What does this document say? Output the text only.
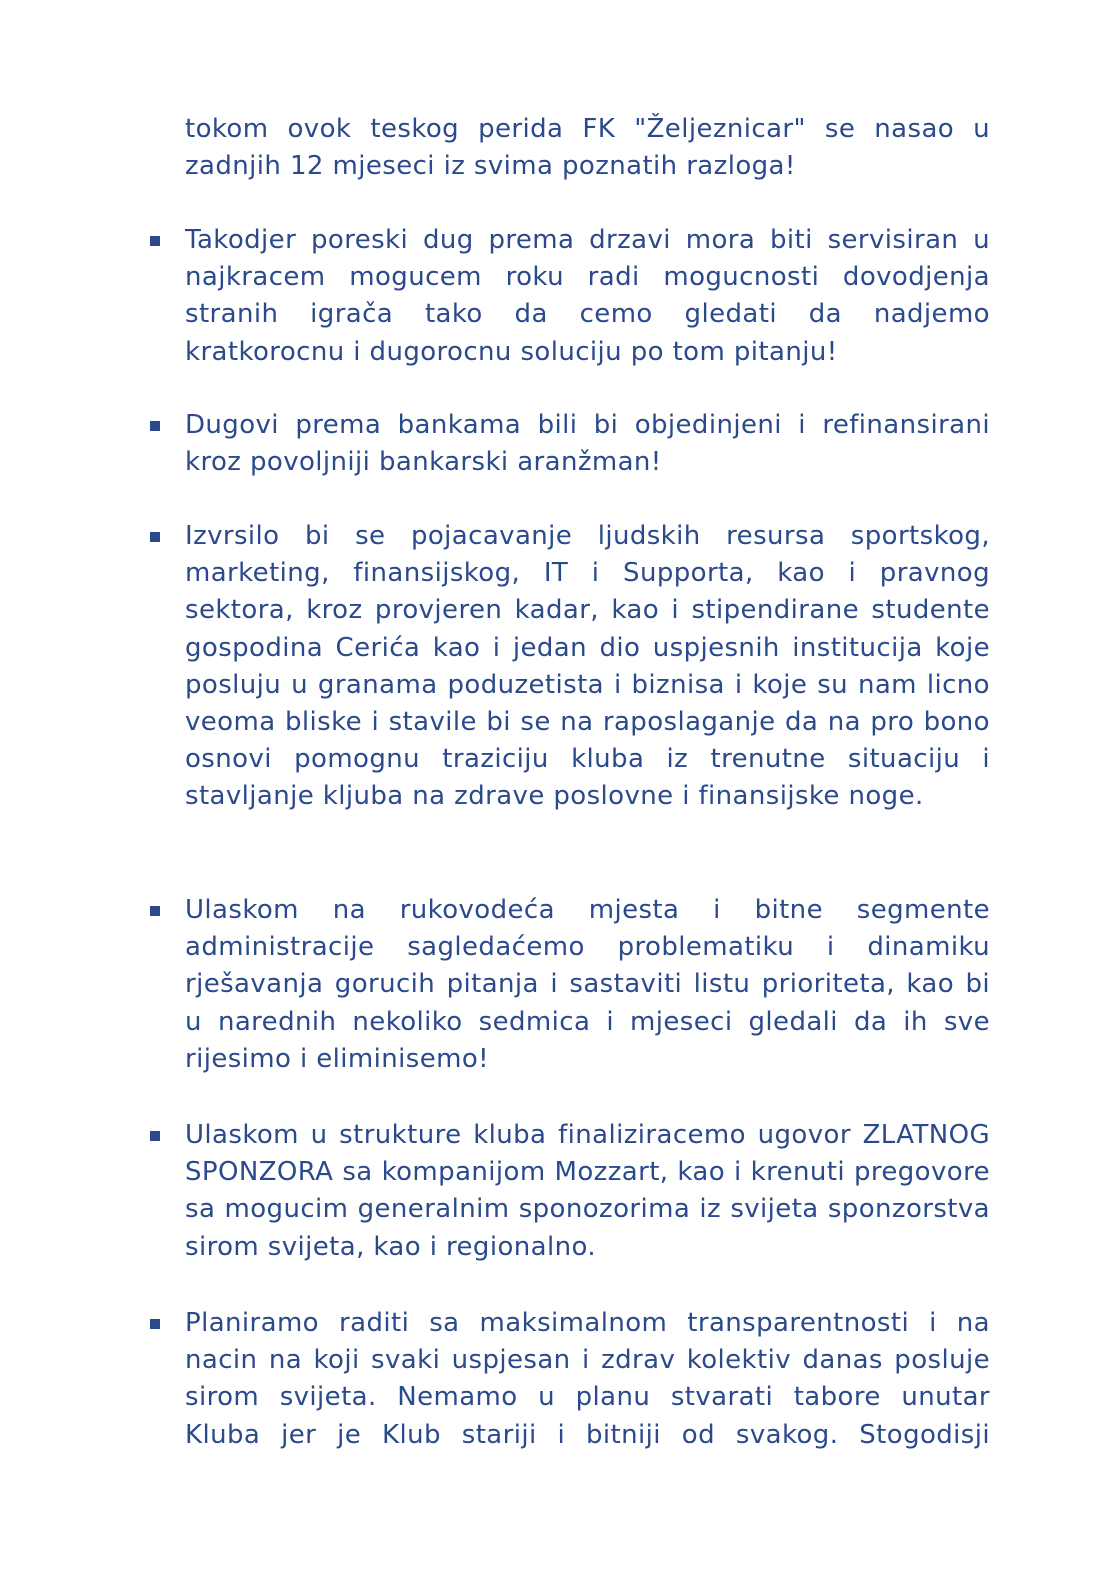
tokom ovok teskog perida FK "Željeznicar" se nasao u zadnjih 12 mjeseci iz svima poznatih razloga!

Takodjer poreski dug prema drzavi mora biti servisiran u najkracem mogucem roku radi mogucnosti dovodjenja stranih igrača tako da cemo gledati da nadjemo kratkorocnu i dugorocnu soluciju po tom pitanju!

Dugovi prema bankama bili bi objedinjeni i refinansirani kroz povoljniji bankarski aranžman!

Izvrsilo bi se pojacavanje ljudskih resursa sportskog, marketing, finansijskog, IT i Supporta, kao i pravnog sektora, kroz provjeren kadar, kao i stipendirane studente gospodina Cerića kao i jedan dio uspjesnih institucija koje posluju u granama poduzetista i biznisa i koje su nam licno veoma bliske i stavile bi se na raposlaganje da na pro bono osnovi pomognu traziciju kluba iz trenutne situaciju i stavljanje kljuba na zdrave poslovne i finansijske noge.

Ulaskom na rukovodeća mjesta i bitne segmente administracije sagledaćemo problematiku i dinamiku rješavanja gorucih pitanja i sastaviti listu prioriteta, kao bi u narednih nekoliko sedmica i mjeseci gledali da ih sve rijesimo i eliminisemo!

Ulaskom u strukture kluba finaliziracemo ugovor ZLATNOG SPONZORA sa kompanijom Mozzart, kao i krenuti pregovore sa mogucim generalnim sponozorima iz svijeta sponzorstva sirom svijeta, kao i regionalno.

Planiramo raditi sa maksimalnom transparentnosti i na nacin na koji svaki uspjesan i zdrav kolektiv danas posluje sirom svijeta. Nemamo u planu stvarati tabore unutar Kluba jer je Klub stariji i bitniji od svakog. Stogodisji
